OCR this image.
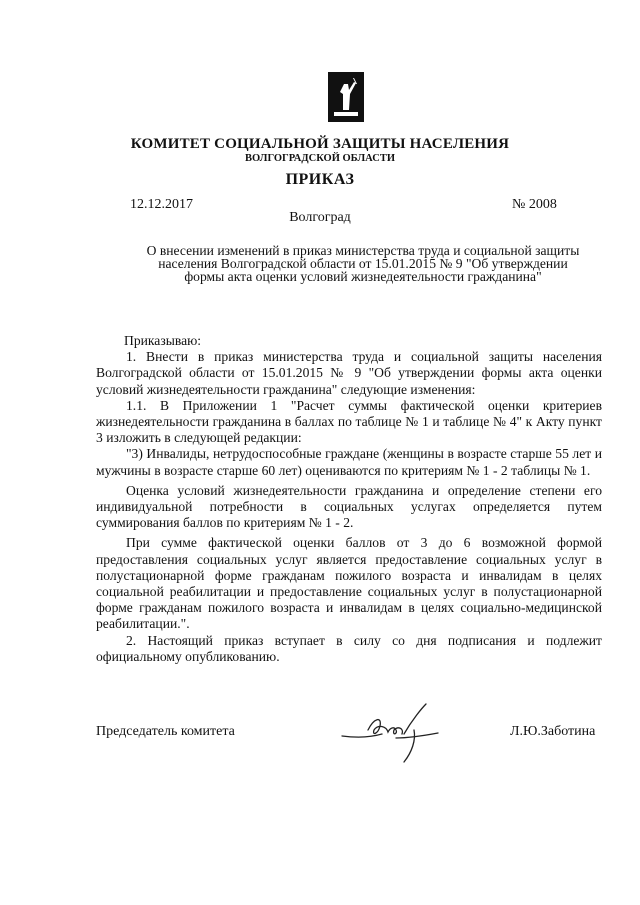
КОМИТЕТ СОЦИАЛЬНОЙ ЗАЩИТЫ НАСЕЛЕНИЯ
ВОЛГОГРАДСКОЙ ОБЛАСТИ
ПРИКАЗ
12.12.2017	№ 2008
Волгоград
О внесении изменений в приказ министерства труда и социальной защиты населения Волгоградской области от 15.01.2015 № 9 "Об утверждении формы акта оценки условий жизнедеятельности гражданина"

Приказываю:

1. Внести в приказ министерства труда и социальной защиты населения Волгоградской области от 15.01.2015 № 9 "Об утверждении формы акта оценки условий жизнедеятельности гражданина" следующие изменения:

1.1. В Приложении 1 "Расчет суммы фактической оценки критериев жизнедеятельности гражданина в баллах по таблице № 1 и таблице № 4" к Акту пункт 3 изложить в следующей редакции:

"3) Инвалиды, нетрудоспособные граждане (женщины в возрасте старше 55 лет и мужчины в возрасте старше 60 лет) оцениваются по критериям № 1 - 2 таблицы № 1.

Оценка условий жизнедеятельности гражданина и определение степени его индивидуальной потребности в социальных услугах определяется путем суммирования баллов по критериям № 1 - 2.

При сумме фактической оценки баллов от 3 до 6 возможной формой предоставления социальных услуг является предоставление социальных услуг в полустационарной форме гражданам пожилого возраста и инвалидам в целях социальной реабилитации и предоставление социальных услуг в полустационарной форме гражданам пожилого возраста и инвалидам в целях социально-медицинской реабилитации.".

2. Настоящий приказ вступает в силу со дня подписания и подлежит официальному опубликованию.

Председатель комитета	Л.Ю.Заботина
